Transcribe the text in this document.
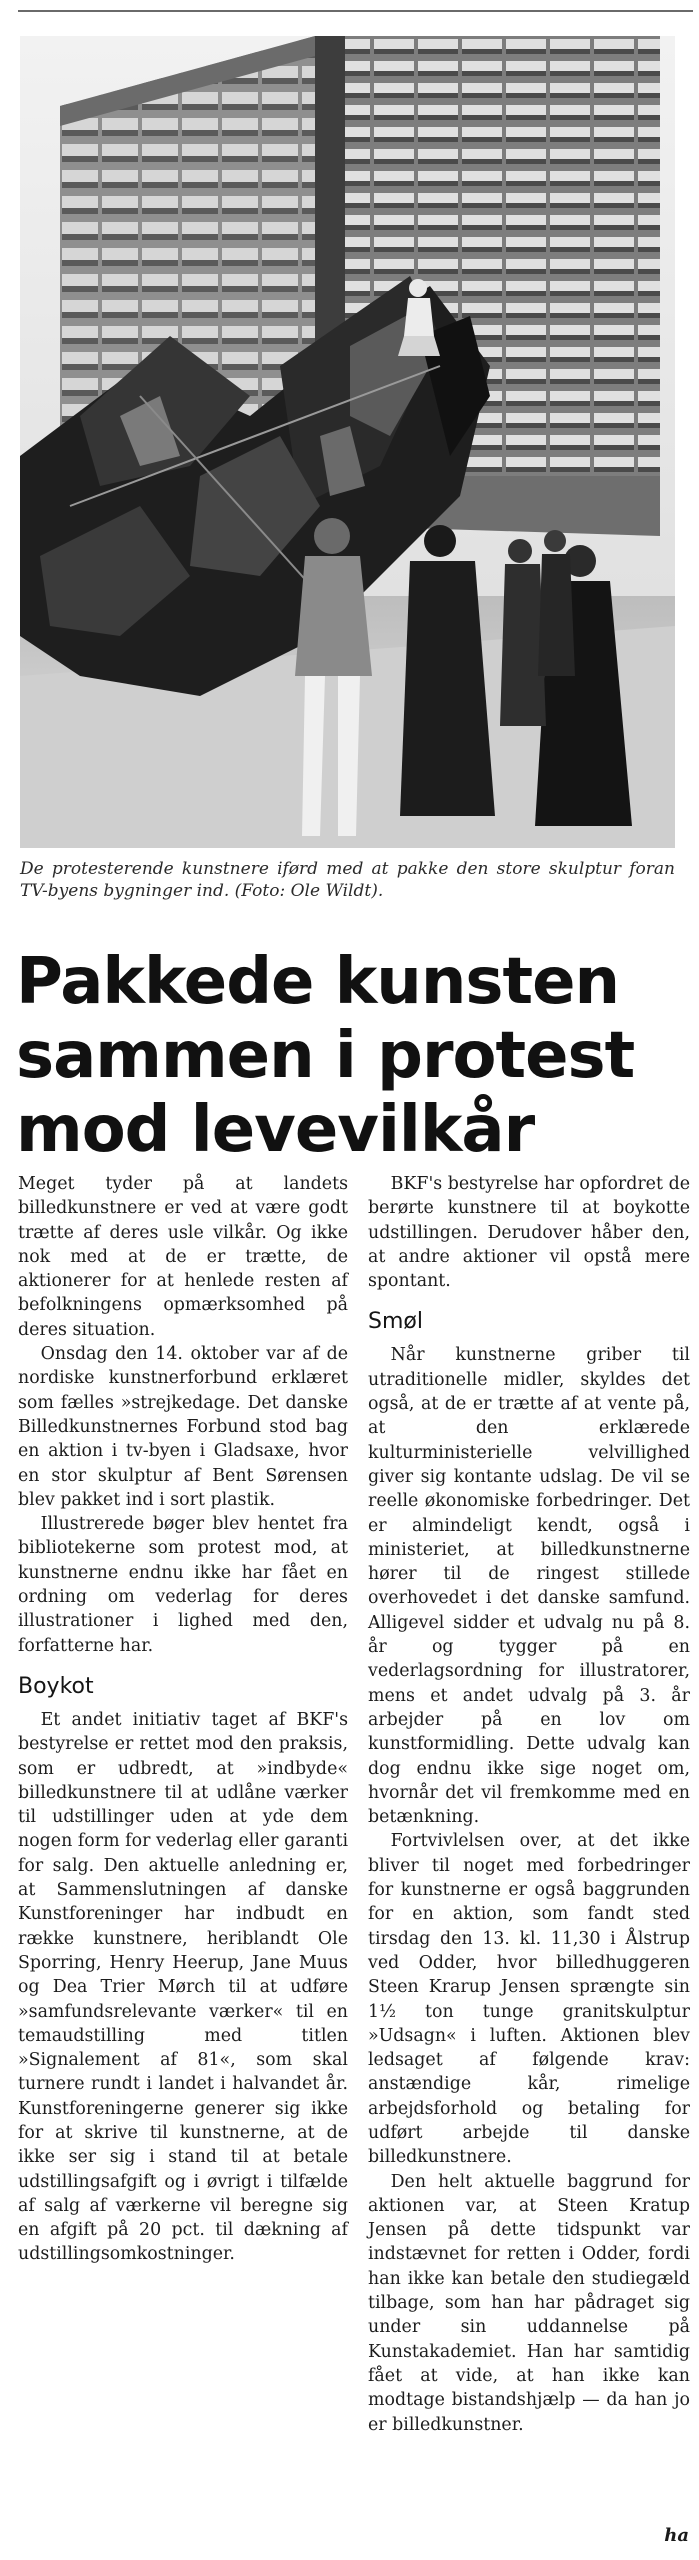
De protesterende kunstnere iførd med at pakke den store skulptur foran TV-byens bygninger ind. (Foto: Ole Wildt).
Pakkede kunsten
sammen i protest
mod levevilkår

Meget tyder på at landets billedkunstnere er ved at være godt trætte af deres usle vilkår. Og ikke nok med at de er trætte, de aktionerer for at henlede resten af befolkningens opmærksomhed på deres situation.

Onsdag den 14. oktober var af de nordiske kunstnerforbund erklæret som fælles »strejkedage. Det danske Billedkunstnernes Forbund stod bag en aktion i tv-byen i Gladsaxe, hvor en stor skulptur af Bent Sørensen blev pakket ind i sort plastik.

Illustrerede bøger blev hentet fra bibliotekerne som protest mod, at kunstnerne endnu ikke har fået en ordning om vederlag for deres illustrationer i lighed med den, forfatterne har.

Boykot

Et andet initiativ taget af BKF's bestyrelse er rettet mod den praksis, som er udbredt, at »indbyde« billedkunstnere til at udlåne værker til udstillinger uden at yde dem nogen form for vederlag eller garanti for salg. Den aktuelle anledning er, at Sammenslutningen af danske Kunstforeninger har indbudt en række kunstnere, heriblandt Ole Sporring, Henry Heerup, Jane Muus og Dea Trier Mørch til at udføre »samfundsrelevante værker« til en temaudstilling med titlen »Signalement af 81«, som skal turnere rundt i landet i halvandet år. Kunstforeningerne generer sig ikke for at skrive til kunstnerne, at de ikke ser sig i stand til at betale udstillingsafgift og i øvrigt i tilfælde af salg af værkerne vil beregne sig en afgift på 20 pct. til dækning af udstillingsomkostninger.

BKF's bestyrelse har opfordret de berørte kunstnere til at boykotte udstillingen. Derudover håber den, at andre aktioner vil opstå mere spontant.

Smøl

Når kunstnerne griber til utraditionelle midler, skyldes det også, at de er trætte af at vente på, at den erklærede kulturministerielle velvillighed giver sig kontante udslag. De vil se reelle økonomiske forbedringer. Det er almindeligt kendt, også i ministeriet, at billedkunstnerne hører til de ringest stillede overhovedet i det danske samfund. Alligevel sidder et udvalg nu på 8. år og tygger på en vederlagsordning for illustratorer, mens et andet udvalg på 3. år arbejder på en lov om kunstformidling. Dette udvalg kan dog endnu ikke sige noget om, hvornår det vil fremkomme med en betænkning.

Fortvivlelsen over, at det ikke bliver til noget med forbedringer for kunstnerne er også baggrunden for en aktion, som fandt sted tirsdag den 13. kl. 11,30 i Ålstrup ved Odder, hvor billedhuggeren Steen Krarup Jensen sprængte sin 1½ ton tunge granitskulptur »Udsagn« i luften. Aktionen blev ledsaget af følgende krav: anstændige kår, rimelige arbejdsforhold og betaling for udført arbejde til danske billedkunstnere.

Den helt aktuelle baggrund for aktionen var, at Steen Kratup Jensen på dette tidspunkt var indstævnet for retten i Odder, fordi han ikke kan betale den studiegæld tilbage, som han har pådraget sig under sin uddannelse på Kunstakademiet. Han har samtidig fået at vide, at han ikke kan modtage bistandshjælp — da han jo er billedkunstner.

ha
